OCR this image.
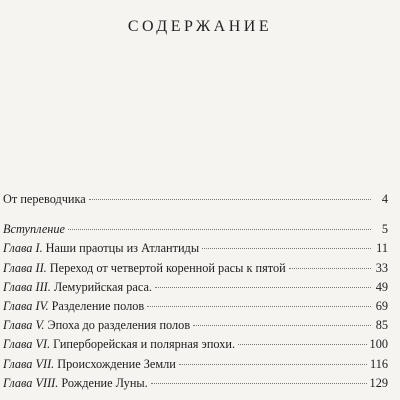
СОДЕРЖАНИЕ
От переводчика	4
Вступление	5
Глава I. Наши праотцы из Атлантиды	11
Глава II. Переход от четвертой коренной расы к пятой	33
Глава III. Лемурийская раса.	49
Глава IV. Разделение полов	69
Глава V. Эпоха до разделения полов	85
Глава VI. Гиперборейская и полярная эпохи.	100
Глава VII. Происхождение Земли	116
Глава VIII. Рождение Луны.	129
